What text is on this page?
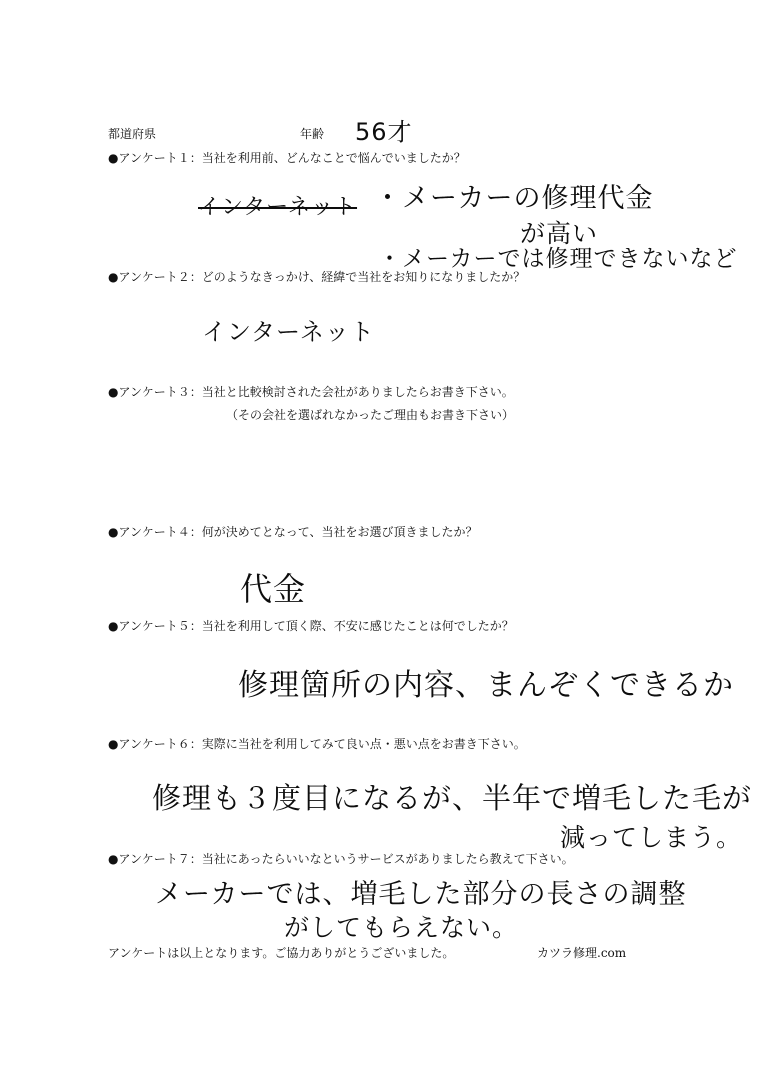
都道府県	年齢 56才
●アンケート１：当社を利用前、どんなことで悩んでいましたか？
インターネット ・メーカーの修理代金
が高い
・メーカーでは修理できないなど
●アンケート２：どのようなきっかけ、経緯で当社をお知りになりましたか？
インターネット
●アンケート３：当社と比較検討された会社がありましたらお書き下さい。
（その会社を選ばれなかったご理由もお書き下さい）
●アンケート４：何が決めてとなって、当社をお選び頂きましたか？
代金
●アンケート５：当社を利用して頂く際、不安に感じたことは何でしたか？
修理箇所の内容、まんぞくできるか
●アンケート６：実際に当社を利用してみて良い点・悪い点をお書き下さい。
修理も３度目になるが、半年で増毛した毛が
減ってしまう。
●アンケート７：当社にあったらいいなというサービスがありましたら教えて下さい。
メーカーでは、増毛した部分の長さの調整
がしてもらえない。
アンケートは以上となります。ご協力ありがとうございました。	カツラ修理.com
